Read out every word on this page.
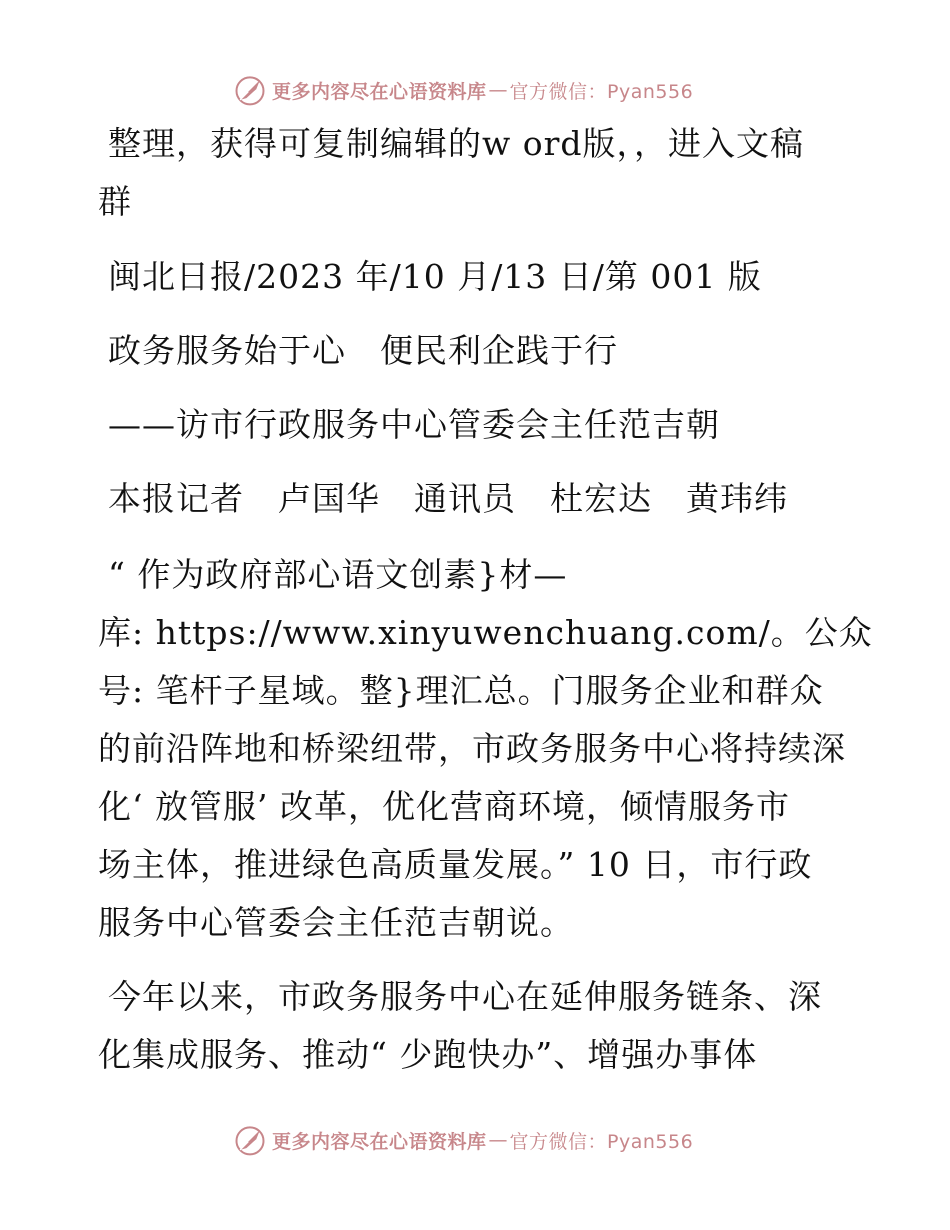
更多内容尽在心语资料库 — 官方微信：Pyan556
整理，获得可复制编辑的w ord版，，进入文稿
群
闽北日报/2023 年/10 月/13 日/第 001 版
政务服务始于心　便民利企践于行
——访市行政服务中心管委会主任范吉朝
本报记者　卢国华　通讯员　杜宏达　黄玮纬
“ 作为政府部心语文创素}材—
库: https://www.xinyuwenchuang.com/。公众
号: 笔杆子星域。整}理汇总。门服务企业和群众
的前沿阵地和桥梁纽带，市政务服务中心将持续深
化‘ 放管服’ 改革，优化营商环境，倾情服务市
场主体，推进绿色高质量发展。” 10 日，市行政
服务中心管委会主任范吉朝说。
今年以来，市政务服务中心在延伸服务链条、深
化集成服务、推动“ 少跑快办”、增强办事体
更多内容尽在心语资料库 — 官方微信：Pyan556
